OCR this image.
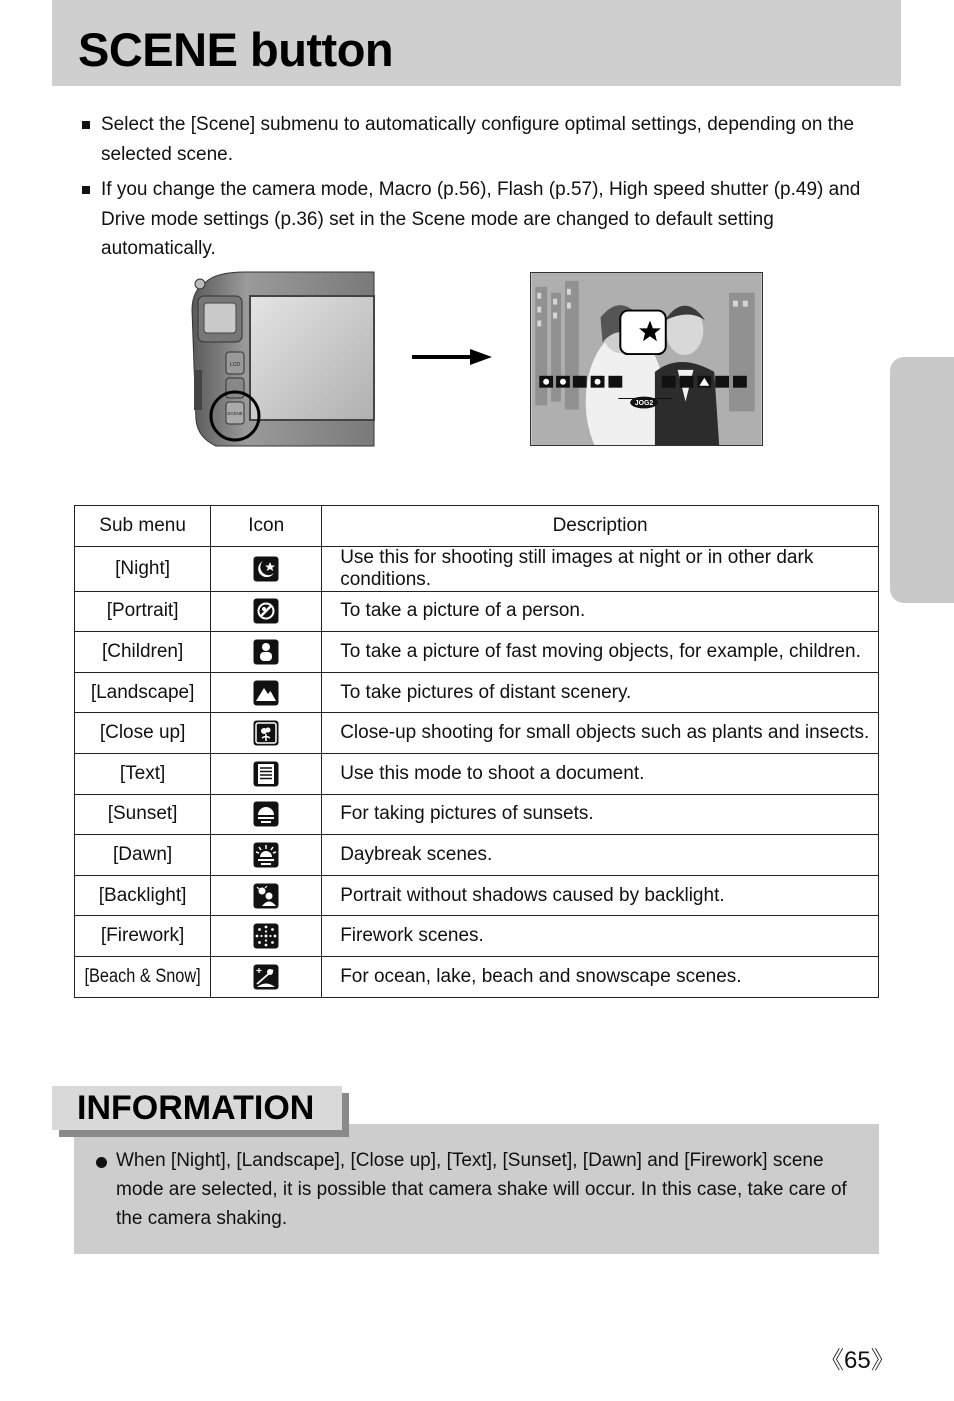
SCENE button
Select the [Scene] submenu to automatically configure optimal settings, depending on the selected scene.
If you change the camera mode, Macro (p.56), Flash (p.57), High speed shutter (p.49) and Drive mode settings (p.36) set in the Scene mode are changed to default setting automatically.
LCD
SCENE
JOG2
Sub menu	Icon	Description
[Night]		Use this for shooting still images at night or in other dark conditions.
[Portrait]		To take a picture of a person.
[Children]		To take a picture of fast moving objects, for example, children.
[Landscape]		To take pictures of distant scenery.
[Close up]		Close-up shooting for small objects such as plants and insects.
[Text]		Use this mode to shoot a document.
[Sunset]		For taking pictures of sunsets.
[Dawn]		Daybreak scenes.
[Backlight]		Portrait without shadows caused by backlight.
[Firework]		Firework scenes.
[Beach & Snow]		For ocean, lake, beach and snowscape scenes.
INFORMATION
When [Night], [Landscape], [Close up], [Text], [Sunset], [Dawn] and [Firework] scene mode are selected, it is possible that camera shake will occur. In this case, take care of the camera shaking.
《65》
